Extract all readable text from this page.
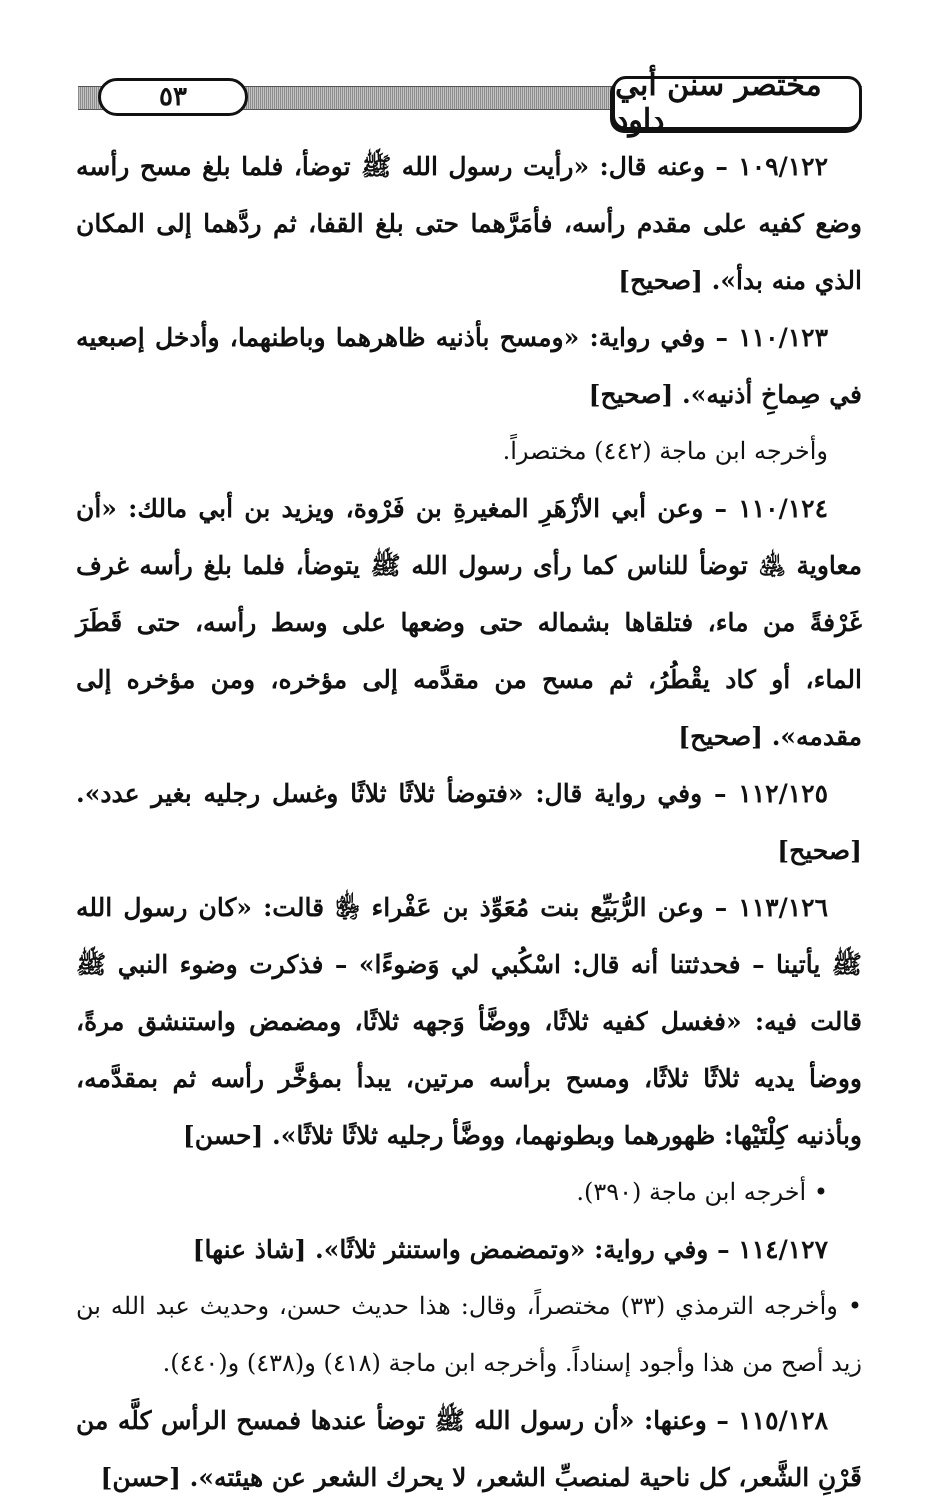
٥٣	مختصر سنن أبي داود

١٠٩/١٢٢ – وعنه قال: «رأيت رسول الله ﷺ توضأ، فلما بلغ مسح رأسه وضع كفيه على مقدم رأسه، فأمَرَّهما حتى بلغ القفا، ثم ردَّهما إلى المكان الذي منه بدأ». [صحيح]

١١٠/١٢٣ – وفي رواية: «ومسح بأذنيه ظاهرهما وباطنهما، وأدخل إصبعيه في صِماخِ أذنيه». [صحيح]

وأخرجه ابن ماجة (٤٤٢) مختصراً.

١١٠/١٢٤ – وعن أبي الأزْهَرِ المغيرةِ بن فَرْوة، ويزيد بن أبي مالك: «أن معاوية ﵁ توضأ للناس كما رأى رسول الله ﷺ يتوضأ، فلما بلغ رأسه غرف غَرْفةً من ماء، فتلقاها بشماله حتى وضعها على وسط رأسه، حتى قَطَرَ الماء، أو كاد يقْطُرُ، ثم مسح من مقدَّمه إلى مؤخره، ومن مؤخره إلى مقدمه». [صحيح]

١١٢/١٢٥ – وفي رواية قال: «فتوضأ ثلاثًا ثلاثًا وغسل رجليه بغير عدد». [صحيح]

١١٣/١٢٦ – وعن الرُّبَيِّع بنت مُعَوِّذ بن عَفْراء ﵂ قالت: «كان رسول الله ﷺ يأتينا – فحدثتنا أنه قال: اسْكُبي لي وَضوءًا» – فذكرت وضوء النبي ﷺ قالت فيه: «فغسل كفيه ثلاثًا، ووضَّأ وَجهه ثلاثًا، ومضمض واستنشق مرةً، ووضأ يديه ثلاثًا ثلاثًا، ومسح برأسه مرتين، يبدأ بمؤخَّر رأسه ثم بمقدَّمه، وبأذنيه كِلْتَيْها: ظهورهما وبطونهما، ووضَّأ رجليه ثلاثًا ثلاثًا». [حسن]

• أخرجه ابن ماجة (٣٩٠).

١١٤/١٢٧ – وفي رواية: «وتمضمض واستنثر ثلاثًا». [شاذ عنها]

• وأخرجه الترمذي (٣٣) مختصراً، وقال: هذا حديث حسن، وحديث عبد الله بن زيد أصح من هذا وأجود إسناداً. وأخرجه ابن ماجة (٤١٨) و(٤٣٨) و(٤٤٠).

١١٥/١٢٨ – وعنها: «أن رسول الله ﷺ توضأ عندها فمسح الرأس كلَّه من قَرْنِ الشَّعر، كل ناحية لمنصبِّ الشعر، لا يحرك الشعر عن هيئته». [حسن]
